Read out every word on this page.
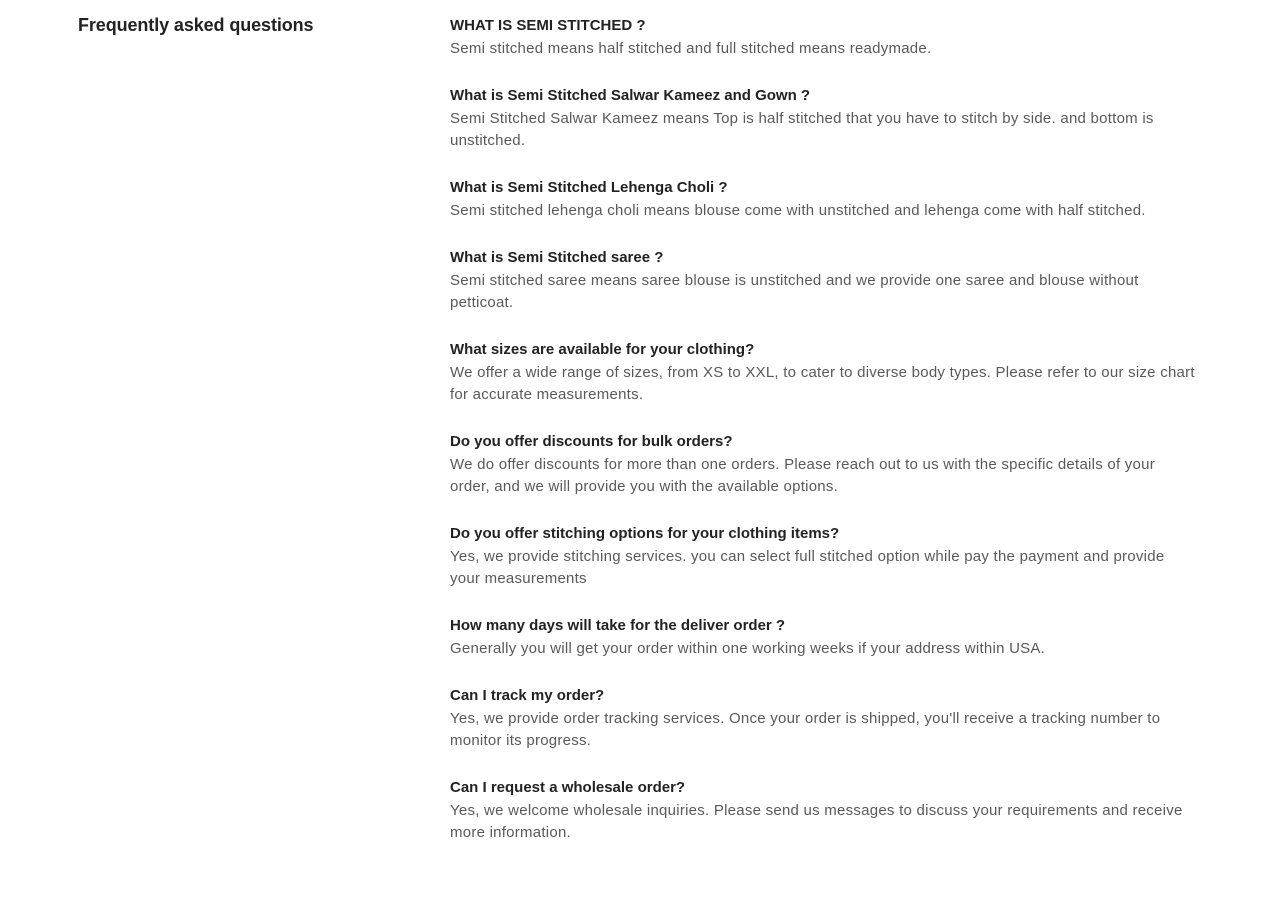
Frequently asked questions	WHAT IS SEMI STITCHED ?

Semi stitched means half stitched and full stitched means readymade.

What is Semi Stitched Salwar Kameez and Gown ?

Semi Stitched Salwar Kameez means Top is half stitched that you have to stitch by side. and bottom is unstitched.

What is Semi Stitched Lehenga Choli ?

Semi stitched lehenga choli means blouse come with unstitched and lehenga come with half stitched.

What is Semi Stitched saree ?

Semi stitched saree means saree blouse is unstitched and we provide one saree and blouse without petticoat.

What sizes are available for your clothing?

We offer a wide range of sizes, from XS to XXL, to cater to diverse body types. Please refer to our size chart for accurate measurements.

Do you offer discounts for bulk orders?

We do offer discounts for more than one orders. Please reach out to us with the specific details of your order, and we will provide you with the available options.

Do you offer stitching options for your clothing items?

Yes, we provide stitching services. you can select full stitched option while pay the payment and provide your measurements

How many days will take for the deliver order ?

Generally you will get your order within one working weeks if your address within USA.

Can I track my order?

Yes, we provide order tracking services. Once your order is shipped, you'll receive a tracking number to monitor its progress.

Can I request a wholesale order?

Yes, we welcome wholesale inquiries. Please send us messages to discuss your requirements and receive more information.
